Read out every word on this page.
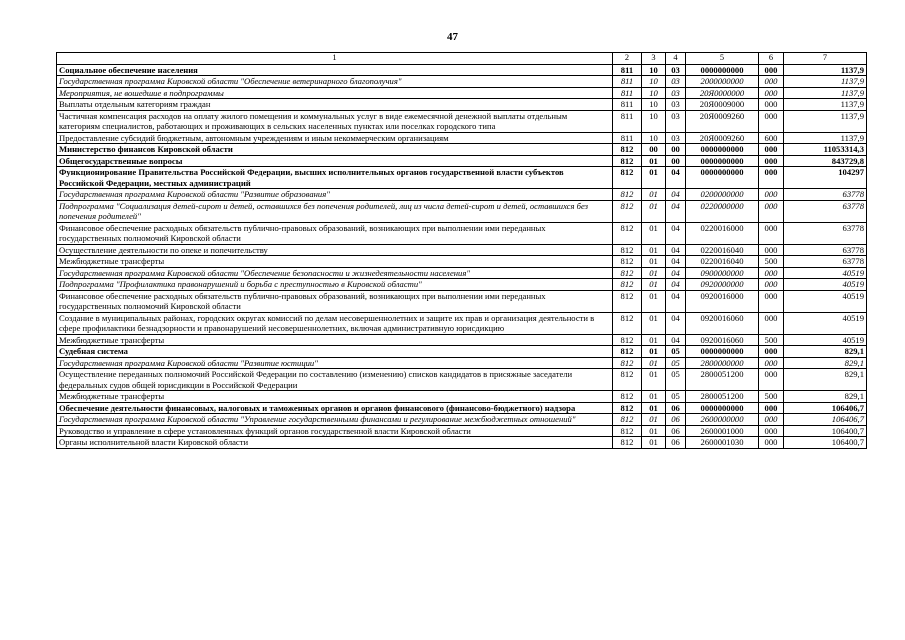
47
1	2	3	4	5	6	7
Социальное обеспечение населения	811	10	03	0000000000	000	1137,9
Государственная программа Кировской области "Обеспечение ветеринарного благополучия"	811	10	03	2000000000	000	1137,9
Мероприятия, не вошедшие в подпрограммы	811	10	03	20Я0000000	000	1137,9
Выплаты отдельным категориям граждан	811	10	03	20Я0009000	000	1137,9
Частичная компенсация расходов на оплату жилого помещения и коммунальных услуг в виде ежемесячной денежной выплаты отдельным категориям специалистов, работающих и проживающих в сельских населенных пунктах или поселках городского типа	811	10	03	20Я0009260	000	1137,9
Предоставление субсидий бюджетным, автономным учреждениям и иным некоммерческим организациям	811	10	03	20Я0009260	600	1137,9
Министерство финансов Кировской области	812	00	00	0000000000	000	11053314,3
Общегосударственные вопросы	812	01	00	0000000000	000	843729,8
Функционирование Правительства Российской Федерации, высших исполнительных органов государственной власти субъектов Российской Федерации, местных администраций	812	01	04	0000000000	000	104297
Государственная программа Кировской области "Развитие образования"	812	01	04	0200000000	000	63778
Подпрограмма "Социализация детей-сирот и детей, оставшихся без попечения родителей, лиц из числа детей-сирот и детей, оставшихся без попечения родителей"	812	01	04	0220000000	000	63778
Финансовое обеспечение расходных обязательств публично-правовых образований, возникающих при выполнении ими переданных государственных полномочий Кировской области	812	01	04	0220016000	000	63778
Осуществление деятельности по опеке и попечительству	812	01	04	0220016040	000	63778
Межбюджетные трансферты	812	01	04	0220016040	500	63778
Государственная программа Кировской области "Обеспечение безопасности и жизнедеятельности населения"	812	01	04	0900000000	000	40519
Подпрограмма "Профилактика правонарушений и борьба с преступностью в Кировской области"	812	01	04	0920000000	000	40519
Финансовое обеспечение расходных обязательств публично-правовых образований, возникающих при выполнении ими переданных государственных полномочий Кировской области	812	01	04	0920016000	000	40519
Создание в муниципальных районах, городских округах комиссий по делам несовершеннолетних и защите их прав и организация деятельности в сфере профилактики безнадзорности и правонарушений несовершеннолетних, включая административную юрисдикцию	812	01	04	0920016060	000	40519
Межбюджетные трансферты	812	01	04	0920016060	500	40519
Судебная система	812	01	05	0000000000	000	829,1
Государственная программа Кировской области "Развитие юстиции"	812	01	05	2800000000	000	829,1
Осуществление переданных полномочий Российской Федерации по составлению (изменению) списков кандидатов в присяжные заседатели федеральных судов общей юрисдикции в Российской Федерации	812	01	05	2800051200	000	829,1
Межбюджетные трансферты	812	01	05	2800051200	500	829,1
Обеспечение деятельности финансовых, налоговых и таможенных органов и органов финансового (финансово-бюджетного) надзора	812	01	06	0000000000	000	106406,7
Государственная программа Кировской области "Управление государственными финансами и регулирование межбюджетных отношений"	812	01	06	2600000000	000	106406,7
Руководство и управление в сфере установленных функций органов государственной власти Кировской области	812	01	06	2600001000	000	106400,7
Органы исполнительной власти Кировской области	812	01	06	2600001030	000	106400,7
